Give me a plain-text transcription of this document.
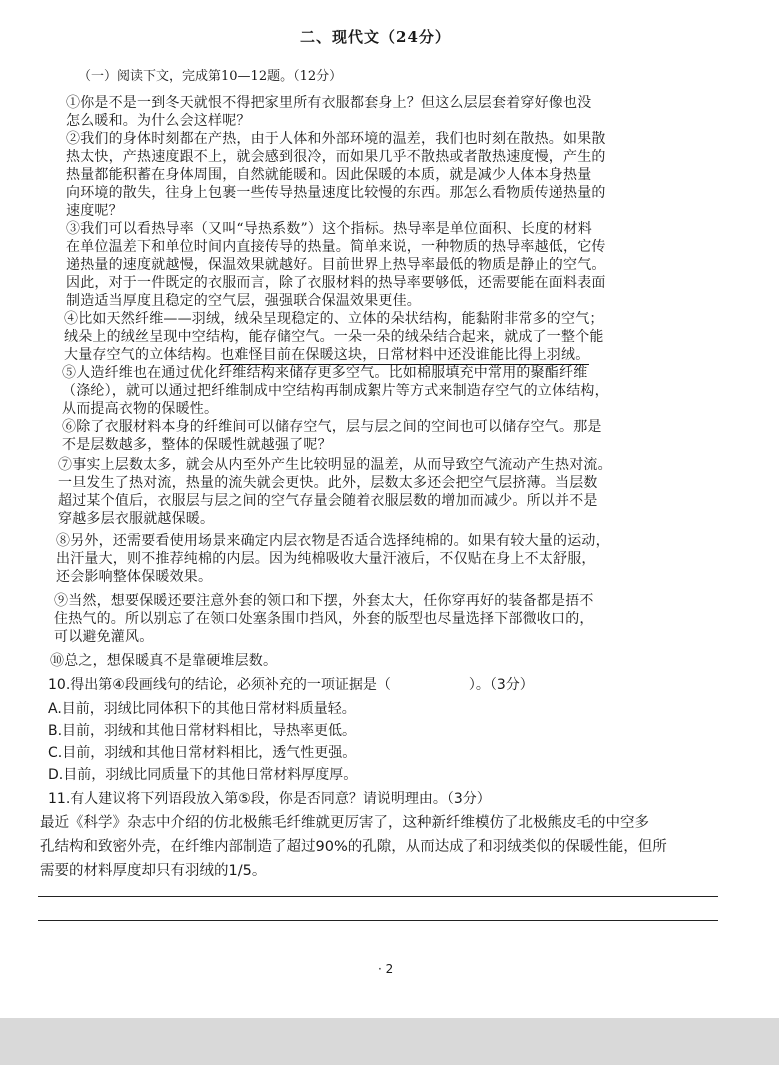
二、现代文（24分）
（一）阅读下文，完成第10—12题。（12分）
①你是不是一到冬天就恨不得把家里所有衣服都套身上？但这么层层套着穿好像也没
怎么暖和。为什么会这样呢？
②我们的身体时刻都在产热，由于人体和外部环境的温差，我们也时刻在散热。如果散
热太快，产热速度跟不上，就会感到很冷，而如果几乎不散热或者散热速度慢，产生的
热量都能积蓄在身体周围，自然就能暖和。因此保暖的本质，就是减少人体本身热量
向环境的散失，往身上包裹一些传导热量速度比较慢的东西。那怎么看物质传递热量的
速度呢？
③我们可以看热导率（又叫“导热系数”）这个指标。热导率是单位面积、长度的材料
在单位温差下和单位时间内直接传导的热量。简单来说，一种物质的热导率越低，它传
递热量的速度就越慢，保温效果就越好。目前世界上热导率最低的物质是静止的空气。
因此，对于一件既定的衣服而言，除了衣服材料的热导率要够低，还需要能在面料表面
制造适当厚度且稳定的空气层，强强联合保温效果更佳。
④比如天然纤维——羽绒，绒朵呈现稳定的、立体的朵状结构，能黏附非常多的空气；
绒朵上的绒丝呈现中空结构，能存储空气。一朵一朵的绒朵结合起来，就成了一整个能
大量存空气的立体结构。也难怪目前在保暖这块，日常材料中还没谁能比得上羽绒。
⑤人造纤维也在通过优化纤维结构来储存更多空气。比如棉服填充中常用的聚酯纤维
（涤纶），就可以通过把纤维制成中空结构再制成絮片等方式来制造存空气的立体结构，
从而提高衣物的保暖性。
⑥除了衣服材料本身的纤维间可以储存空气，层与层之间的空间也可以储存空气。那是
不是层数越多，整体的保暖性就越强了呢？
⑦事实上层数太多，就会从内至外产生比较明显的温差，从而导致空气流动产生热对流。
一旦发生了热对流，热量的流失就会更快。此外，层数太多还会把空气层挤薄。当层数
超过某个值后，衣服层与层之间的空气存量会随着衣服层数的增加而减少。所以并不是
穿越多层衣服就越保暖。
⑧另外，还需要看使用场景来确定内层衣物是否适合选择纯棉的。如果有较大量的运动，
出汗量大，则不推荐纯棉的内层。因为纯棉吸收大量汗液后，不仅贴在身上不太舒服，
还会影响整体保暖效果。
⑨当然，想要保暖还要注意外套的领口和下摆，外套太大，任你穿再好的装备都是捂不
住热气的。所以别忘了在领口处塞条围巾挡风，外套的版型也尽量选择下部微收口的，
可以避免灌风。
⑩总之，想保暖真不是靠硬堆层数。
10.得出第④段画线句的结论，必须补充的一项证据是（	）。（3分）
A.目前，羽绒比同体积下的其他日常材料质量轻。
B.目前，羽绒和其他日常材料相比，导热率更低。
C.目前，羽绒和其他日常材料相比，透气性更强。
D.目前，羽绒比同质量下的其他日常材料厚度厚。
11.有人建议将下列语段放入第⑤段，你是否同意？请说明理由。（3分）
最近《科学》杂志中介绍的仿北极熊毛纤维就更厉害了，这种新纤维模仿了北极熊皮毛的中空多
孔结构和致密外壳，在纤维内部制造了超过90%的孔隙，从而达成了和羽绒类似的保暖性能，但所
需要的材料厚度却只有羽绒的1/5。
· 2
